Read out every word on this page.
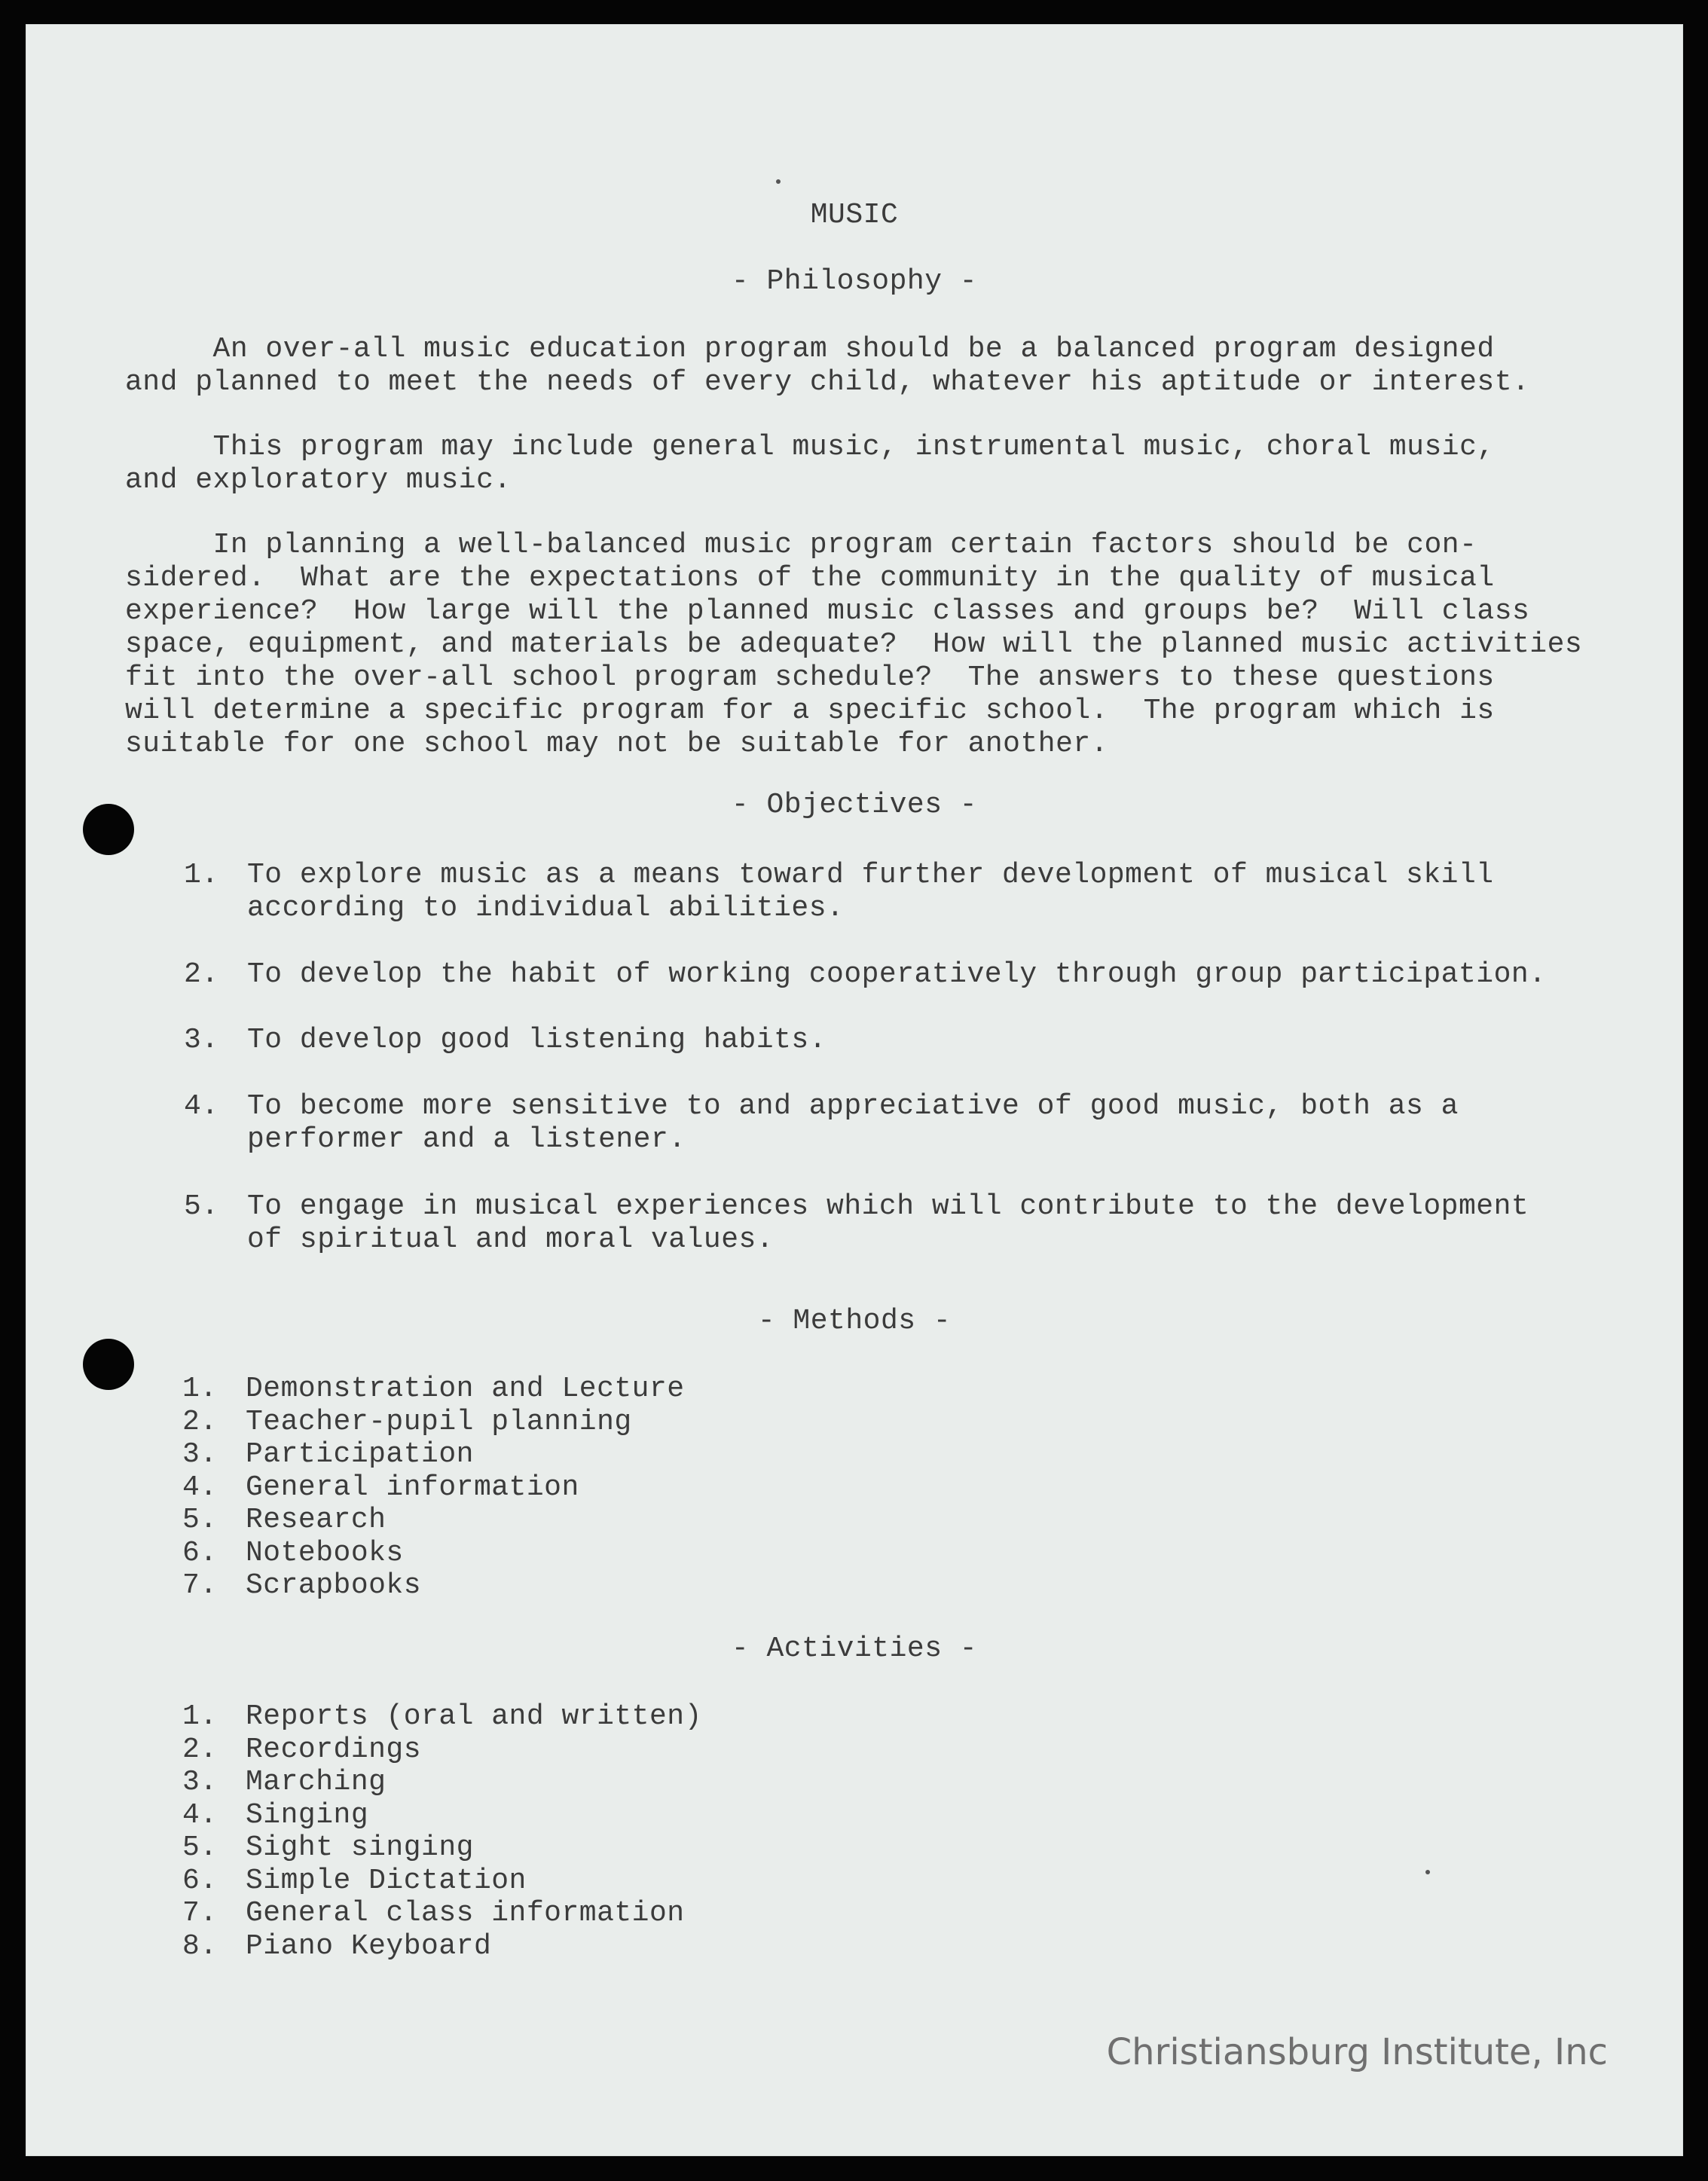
MUSIC
- Philosophy -
An over-all music education program should be a balanced program designed
and planned to meet the needs of every child, whatever his aptitude or interest.
This program may include general music, instrumental music, choral music,
and exploratory music.
In planning a well-balanced music program certain factors should be con-
sidered.  What are the expectations of the community in the quality of musical
experience?  How large will the planned music classes and groups be?  Will class
space, equipment, and materials be adequate?  How will the planned music activities
fit into the over-all school program schedule?  The answers to these questions
will determine a specific program for a specific school.  The program which is
suitable for one school may not be suitable for another.
- Objectives -
1. To explore music as a means toward further development of musical skill
according to individual abilities.
2. To develop the habit of working cooperatively through group participation.
3. To develop good listening habits.
4. To become more sensitive to and appreciative of good music, both as a
performer and a listener.
5. To engage in musical experiences which will contribute to the development
of spiritual and moral values.
- Methods -
1. Demonstration and Lecture
2. Teacher-pupil planning
3. Participation
4. General information
5. Research
6. Notebooks
7. Scrapbooks
- Activities -
1. Reports (oral and written)
2. Recordings
3. Marching
4. Singing
5. Sight singing
6. Simple Dictation
7. General class information
8. Piano Keyboard
Christiansburg Institute, Inc
